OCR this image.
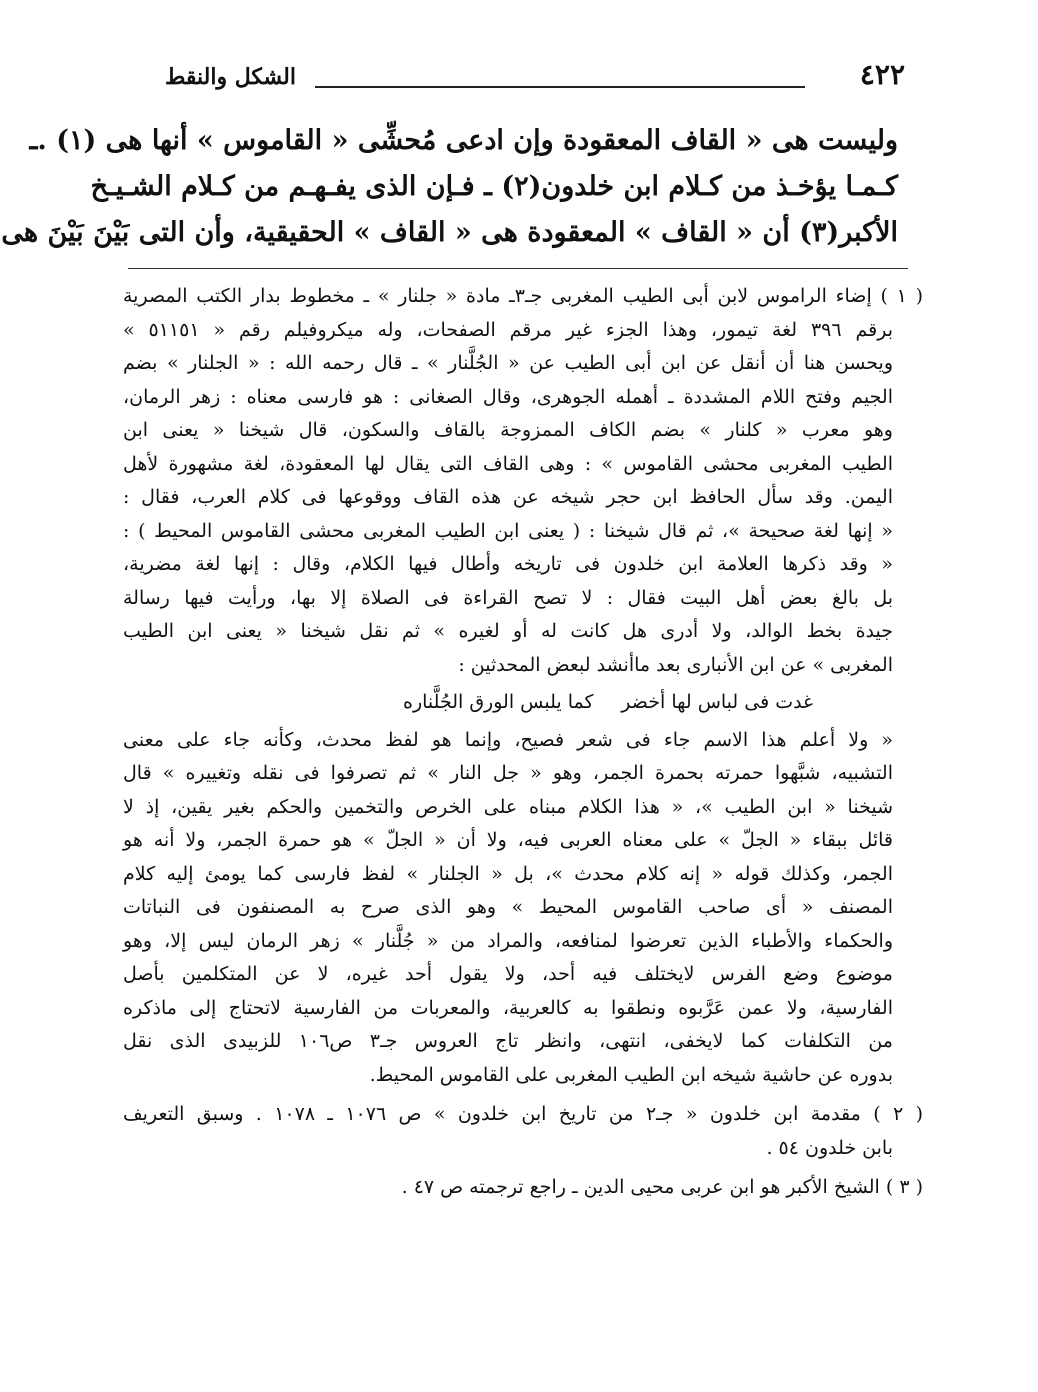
٤٢٢
الشكل والنقط
وليست هى « القاف المعقودة وإن ادعى مُحشِّى « القاموس » أنها هى (١) .ـ
كـمـا يؤخـذ من كـلام ابن خلدون(٢) ـ فـإن الذى يفـهـم من كـلام الشـيـخ
الأكبر(٣) أن « القاف » المعقودة هى « القاف » الحقيقية، وأن التى بَيْنَ بَيْنَ هى
( ١ ) إضاء الراموس لابن أبى الطيب المغربى جـ٣ـ مادة « جلنار » ـ مخطوط بدار الكتب المصرية
برقم ٣٩٦ لغة تيمور، وهذا الجزء غير مرقم الصفحات، وله ميكروفيلم رقم « ٥١١٥١ »
ويحسن هنا أن أنقل عن ابن أبى الطيب عن « الجُلَّنار » ـ قال رحمه الله : « الجلنار » بضم
الجيم وفتح اللام المشددة ـ أهمله الجوهرى، وقال الصغانى : هو فارسى معناه : زهر الرمان،
وهو معرب « كلنار » بضم الكاف الممزوجة بالقاف والسكون، قال شيخنا « يعنى ابن
الطيب المغربى محشى القاموس » : وهى القاف التى يقال لها المعقودة، لغة مشهورة لأهل
اليمن. وقد سأل الحافظ ابن حجر شيخه عن هذه القاف ووقوعها فى كلام العرب، فقال :
« إنها لغة صحيحة »، ثم قال شيخنا : ( يعنى ابن الطيب المغربى محشى القاموس المحيط ) :
« وقد ذكرها العلامة ابن خلدون فى تاريخه وأطال فيها الكلام، وقال : إنها لغة مضرية،
بل بالغ بعض أهل البيت فقال : لا تصح القراءة فى الصلاة إلا بها، ورأيت فيها رسالة
جيدة بخط الوالد، ولا أدرى هل كانت له أو لغيره » ثم نقل شيخنا « يعنى ابن الطيب
المغربى » عن ابن الأنبارى بعد ماأنشد لبعض المحدثين :
غدت فى لباس لها أخضر
كما يلبس الورق الجُلَّناره
« ولا أعلم هذا الاسم جاء فى شعر فصيح، وإنما هو لفظ محدث، وكأنه جاء على معنى
التشبيه، شبَّهوا حمرته بحمرة الجمر، وهو « جل النار » ثم تصرفوا فى نقله وتغييره » قال
شيخنا « ابن الطيب »، « هذا الكلام مبناه على الخرص والتخمين والحكم بغير يقين، إذ لا
قائل ببقاء « الجلّ » على معناه العربى فيه، ولا أن « الجلّ » هو حمرة الجمر، ولا أنه هو
الجمر، وكذلك قوله « إنه كلام محدث »، بل « الجلنار » لفظ فارسى كما يومئ إليه كلام
المصنف « أى صاحب القاموس المحيط » وهو الذى صرح به المصنفون فى النباتات
والحكماء والأطباء الذين تعرضوا لمنافعه، والمراد من « جُلَّنار » زهر الرمان ليس إلا، وهو
موضوع وضع الفرس لايختلف فيه أحد، ولا يقول أحد غيره، لا عن المتكلمين بأصل
الفارسية، ولا عمن عَرَّبوه ونطقوا به كالعربية، والمعربات من الفارسية لاتحتاج إلى ماذكره
من التكلفات كما لايخفى، انتهى، وانظر تاج العروس جـ٣ ص١٠٦ للزبيدى الذى نقل
بدوره عن حاشية شيخه ابن الطيب المغربى على القاموس المحيط.
( ٢ ) مقدمة ابن خلدون « جـ٢ من تاريخ ابن خلدون » ص ١٠٧٦ ـ ١٠٧٨ . وسبق التعريف
بابن خلدون ٥٤ .
( ٣ ) الشيخ الأكبر هو ابن عربى محيى الدين ـ راجع ترجمته ص ٤٧ .
